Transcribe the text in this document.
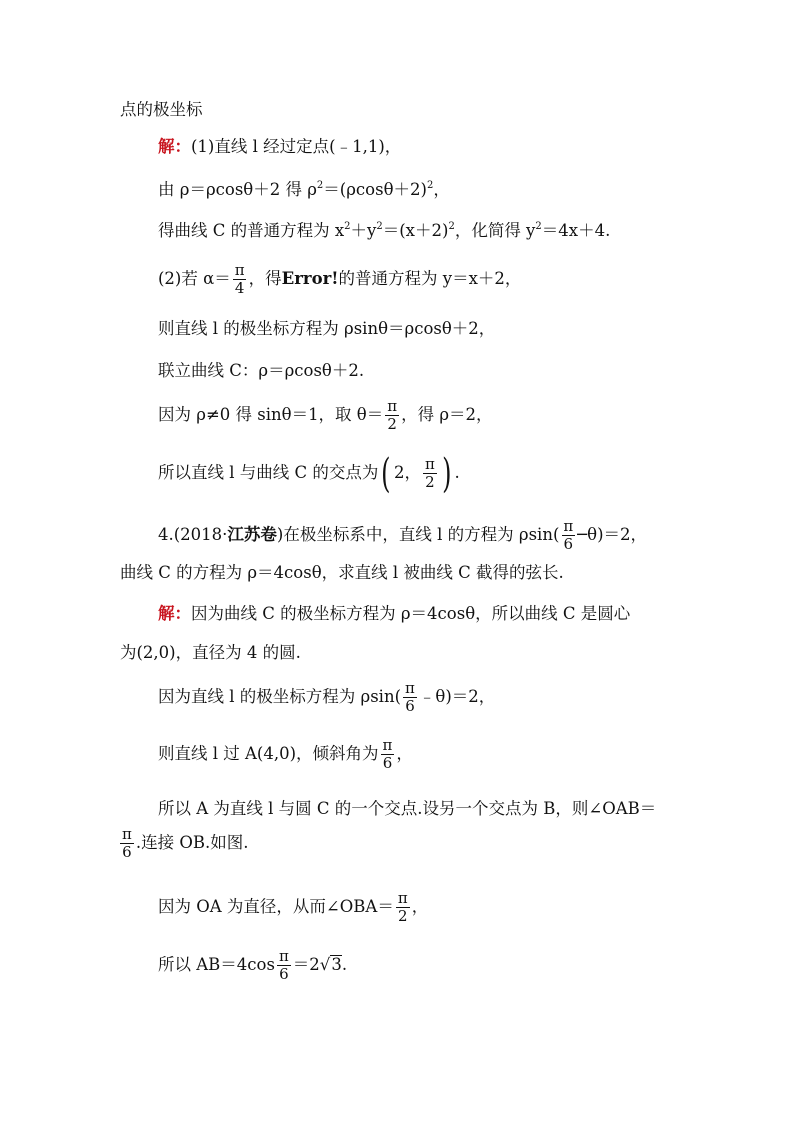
点的极坐标
解：(1)直线 l 经过定点(﹣1,1)，
由 ρ＝ρcosθ＋2 得 $\rho^2=(\rho\cos\theta+2)^2$，
得曲线 C 的普通方程为 $x^2+y^2=(x+2)^2$，化简得 $y^2=4x+4$.
(2)若 $\alpha= \frac{\pi}{4}$ ，得Error!的普通方程为 y＝x＋2，
则直线 l 的极坐标方程为 ρsinθ＝ρcosθ＋2，
联立曲线 C：ρ＝ρcosθ＋2.
因为 ρ≠0 得 sinθ＝1，取 $\theta= \frac{\pi}{2}$ ，得 ρ＝2，
所以直线 l 与曲线 C 的交点为( 2， $\frac{\pi}{2}$ ) .
4.(2018·江苏卷)在极坐标系中，直线 l 的方程为 $\rho\sin( \frac{\pi}{6}$ ─θ)＝2，
曲线 C 的方程为 ρ＝4cosθ，求直线 l 被曲线 C 截得的弦长.
解：因为曲线 C 的极坐标方程为 ρ＝4cosθ，所以曲线 C 是圆心
为(2,0)，直径为 4 的圆.
因为直线 l 的极坐标方程为 $\rho\sin( \frac{\pi}{6}$ ﹣θ)＝2，
则直线 l 过 A(4,0)，倾斜角为 $\frac{\pi}{6}$ ，
所以 A 为直线 l 与圆 C 的一个交点.设另一个交点为 B，则∠OAB＝
$\frac{\pi}{6}$ .连接 OB.如图.
因为 OA 为直径，从而∠OBA＝ $\frac{\pi}{2}$ ，
所以 $AB=4\cos \frac{\pi}{6} =2√3$.
